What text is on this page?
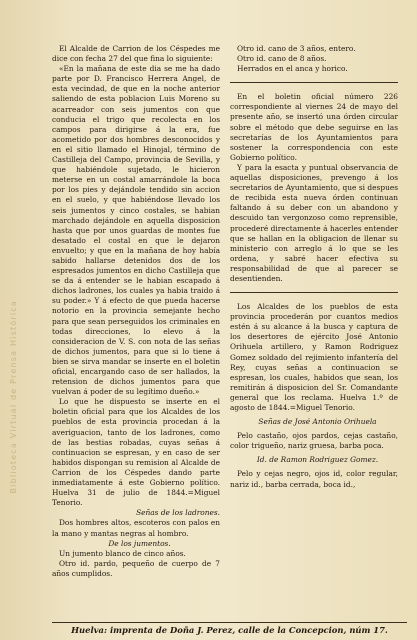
Biblioteca Virtual de Prensa Histórica

El Alcalde de Carrion de los Céspedes me dice con fecha 27 del que fina lo siguiente:

«En la mañana de este dia se me ha dado parte por D. Francisco Herrera Angel, de esta vecindad, de que en la noche anterior saliendo de esta poblacion Luis Moreno su acarreador con seis jumentos con que conducia el trigo que recolecta en los campos para dirigirse á la era, fue acometido por dos hombres desconocidos y en el sitio llamado el Hinojal, término de Castilleja del Campo, provincia de Sevilla, y que habiéndole sujetado, le hicieron meterse en un costal amarrándole la boca por los pies y dejándole tendido sin accion en el suelo, y que habiéndose llevado los seis jumentos y cinco costales, se habian marchado dejándole en aquella disposicion hasta que por unos guardas de montes fue desatado el costal en que le dejaron envuelto; y que en la mañana de hoy había sabido hallarse detenidos dos de los espresados jumentos en dicho Castilleja que se da á entender se le habian escapado á dichos ladrones, los cuales ya habia traido á su poder.» Y á efecto de que pueda hacerse notorio en la provincia semejante hecho para que sean perseguidos los criminales en todas direcciones, lo elevo á la consideracion de V. S. con nota de las señas de dichos jumentos, para que si lo tiene á bien se sirva mandar se inserte en el boletin oficial, encargando caso de ser hallados, la retension de dichos jumentos para que vuelvan á poder de su legítimo dueño.»

Lo que he dispuesto se inserte en el boletin oficial para que los Alcaldes de los pueblos de esta provincia procedan á la averiguacion, tanto de los ladrones, como de las bestias robadas, cuyas señas á continuacion se espresan, y en caso de ser habidos dispongan su remision al Alcalde de Carrion de los Céspedes dando parte inmediatamente á este Gobierno político. Huelva 31 de julio de 1844.=Miguel Tenorio.

Señas de los ladrones.

Dos hombres altos, escoteros con palos en la mano y mantas negras al hombro.

De los jumentos.

Un jumento blanco de cinco años.

Otro id. pardo, pequeño de cuerpo de 7 años cumplidos.

Otro id. cano de 3 años, entero.

Otro id. cano de 8 años.

Herrados en el anca y horico.

En el boletin oficial número 226 correspondiente al viernes 24 de mayo del presente año, se insertó una órden circular sobre el método que debe seguirse en las secretarías de los Ayuntamientos para sostener la correspondencia con este Gobierno político.

Y para la esacta y puntual observancia de aquellas disposiciones, prevengo á los secretarios de Ayuntamiento, que si despues de recibida esta nueva órden continuan faltando á su deber con un abandono y descuido tan vergonzoso como reprensible, procederé directamente á hacerles entender que se hallan en la obligacion de llenar su ministerio con arreglo á lo que se les ordena, y sabré hacer efectiva su responsabilidad de que al parecer se desentienden.

Los Alcaldes de los pueblos de esta provincia procederán por cuantos medios estén á su alcance á la busca y captura de los desertores de ejército José Antonio Orihuela artillero, y Ramon Rodriguez Gomez soldado del rejimiento infantería del Rey, cuyas señas a continuacion se espresan, los cuales, habidos que sean, los remitirán á disposicion del Sr. Comandante general que los reclama. Huelva 1.º de agosto de 1844.=Miguel Tenorio.

Señas de José Antonio Orihuela

Pelo castaño, ojos pardos, cejas castaño, color trigueño, nariz gruesa, barba poca.

Id. de Ramon Rodriguez Gomez.

Pelo y cejas negro, ojos id, color regular, nariz id., barba cerrada, boca id.,

Huelva: imprenta de Doña J. Perez, calle de la Concepcion, núm 17.
